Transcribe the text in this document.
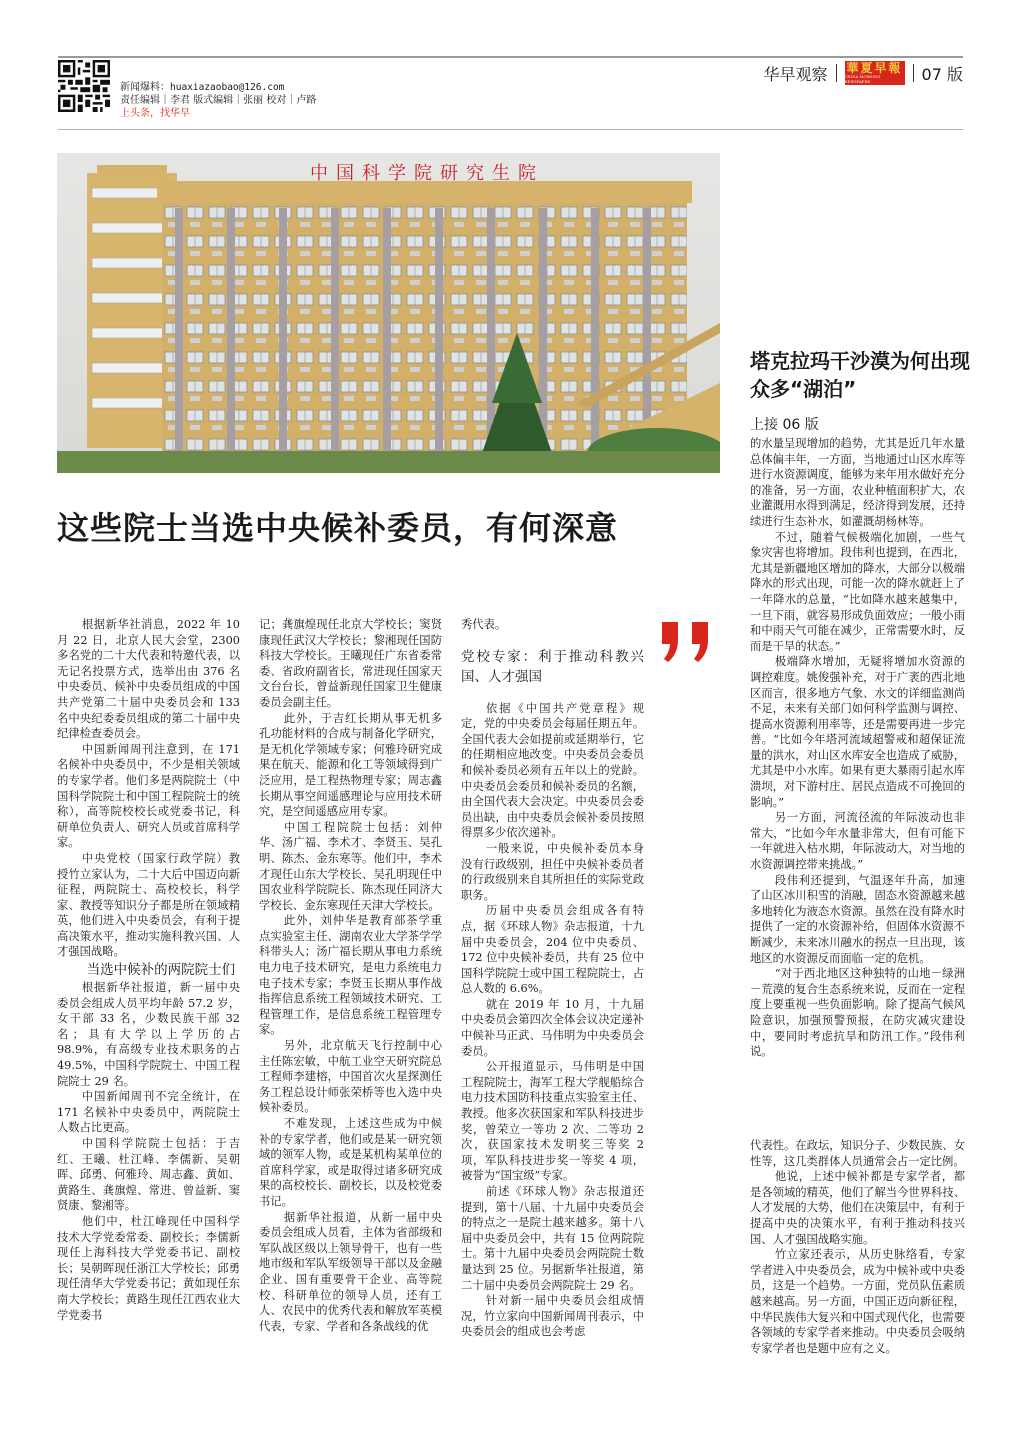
新闻爆料：huaxiazaobao@126.com
责任编辑｜李君 版式编辑｜张丽 校对｜卢路
上头条，找华早
华早观察 華夏早報
CHINA MORNING NEWSPAPER	07 版
中国科学院研究生院
塔克拉玛干沙漠为何出现众多“湖泊”
上接 06 版

的水量呈现增加的趋势，尤其是近几年水量总体偏丰年，一方面，当地通过山区水库等进行水资源调度，能够为来年用水做好充分的准备，另一方面，农业种植面积扩大，农业灌溉用水得到满足，经济得到发展，还持续进行生态补水，如灌溉胡杨林等。

不过，随着气候极端化加剧，一些气象灾害也将增加。段伟利也提到，在西北，尤其是新疆地区增加的降水，大部分以极端降水的形式出现，可能一次的降水就赶上了一年降水的总量，“比如降水越来越集中，一旦下雨，就容易形成负面效应；一般小雨和中雨天气可能在减少，正常需要水时，反而是干旱的状态。”

极端降水增加，无疑将增加水资源的调控难度。姚俊强补充，对于广袤的西北地区而言，很多地方气象、水文的详细监测尚不足，未来有关部门如何科学监测与调控、提高水资源利用率等，还是需要再进一步完善。“比如今年塔河流域超警戒和超保证流量的洪水，对山区水库安全也造成了威胁，尤其是中小水库。如果有更大暴雨引起水库溃坝，对下游村庄、居民点造成不可挽回的影响。”

另一方面，河流径流的年际波动也非常大，“比如今年水量非常大，但有可能下一年就进入枯水期，年际波动大，对当地的水资源调控带来挑战。”

段伟利还提到，气温逐年升高，加速了山区冰川积雪的消融，固态水资源越来越多地转化为液态水资源。虽然在没有降水时提供了一定的水资源补给，但固体水资源不断减少，未来冰川融水的拐点一旦出现，该地区的水资源反而面临一定的危机。

“对于西北地区这种独特的山地－绿洲－荒漠的复合生态系统来说，反而在一定程度上要重视一些负面影响。除了提高气候风险意识，加强预警预报，在防灾减灾建设中，要同时考虑抗旱和防汛工作。”段伟利说。

这些院士当选中央候补委员，有何深意

根据新华社消息，2022 年 10 月 22 日，北京人民大会堂，2300 多名党的二十大代表和特邀代表，以无记名投票方式，选举出由 376 名中央委员、候补中央委员组成的中国共产党第二十届中央委员会和 133 名中央纪委委员组成的第二十届中央纪律检查委员会。

中国新闻周刊注意到，在 171 名候补中央委员中，不少是相关领域的专家学者。他们多是两院院士（中国科学院院士和中国工程院院士的统称），高等院校校长或党委书记，科研单位负责人、研究人员或首席科学家。

中央党校（国家行政学院）教授竹立家认为，二十大后中国迈向新征程，两院院士、高校校长，科学家、教授等知识分子都是所在领域精英，他们进入中央委员会，有利于提高决策水平，推动实施科教兴国、人才强国战略。

当选中候补的两院院士们

根据新华社报道，新一届中央委员会组成人员平均年龄 57.2 岁，女干部 33 名，少数民族干部 32 名；具有大学以上学历的占 98.9%，有高级专业技术职务的占 49.5%，中国科学院院士、中国工程院院士 29 名。

中国新闻周刊不完全统计，在 171 名候补中央委员中，两院院士人数占比更高。

中国科学院院士包括：于吉红、王曦、杜江峰、李儒新、吴朝晖、邱勇、何雅玲、周志鑫、黄如、黄路生、龚旗煌、常进、曾益新、窦贤康、黎湘等。

他们中，杜江峰现任中国科学技术大学党委常委、副校长；李儒新现任上海科技大学党委书记、副校长；吴朝晖现任浙江大学校长；邱勇现任清华大学党委书记；黄如现任东南大学校长；黄路生现任江西农业大学党委书

记；龚旗煌现任北京大学校长；窦贤康现任武汉大学校长；黎湘现任国防科技大学校长。王曦现任广东省委常委、省政府副省长，常进现任国家天文台台长，曾益新现任国家卫生健康委员会副主任。

此外，于吉红长期从事无机多孔功能材料的合成与制备化学研究，是无机化学领域专家；何雅玲研究成果在航天、能源和化工等领域得到广泛应用，是工程热物理专家；周志鑫长期从事空间遥感理论与应用技术研究，是空间遥感应用专家。

中国工程院院士包括：刘仲华、汤广福、李术才、李贤玉、吴孔明、陈杰、金东寒等。他们中，李术才现任山东大学校长、吴孔明现任中国农业科学院院长、陈杰现任同济大学校长、金东寒现任天津大学校长。

此外，刘仲华是教育部茶学重点实验室主任、湖南农业大学茶学学科带头人；汤广福长期从事电力系统电力电子技术研究，是电力系统电力电子技术专家；李贤玉长期从事作战指挥信息系统工程领域技术研究、工程管理工作，是信息系统工程管理专家。

另外，北京航天飞行控制中心主任陈宏敏，中航工业空天研究院总工程师李建榕，中国首次火星探测任务工程总设计师张荣桥等也入选中央候补委员。

不难发现，上述这些成为中候补的专家学者，他们或是某一研究领域的领军人物，或是某机构某单位的首席科学家，或是取得过诸多研究成果的高校校长、副校长，以及校党委书记。

据新华社报道，从新一届中央委员会组成人员看，主体为省部级和军队战区级以上领导骨干，也有一些地市级和军队军级领导干部以及金融企业、国有重要骨干企业、高等院校、科研单位的领导人员，还有工人、农民中的优秀代表和解放军英模代表，专家、学者和各条战线的优

秀代表。

党校专家：利于推动科教兴国、人才强国

依据《中国共产党章程》规定，党的中央委员会每届任期五年。全国代表大会如提前或延期举行，它的任期相应地改变。中央委员会委员和候补委员必须有五年以上的党龄。中央委员会委员和候补委员的名额，由全国代表大会决定。中央委员会委员出缺，由中央委员会候补委员按照得票多少依次递补。

一般来说，中央候补委员本身没有行政级别，担任中央候补委员者的行政级别来自其所担任的实际党政职务。

历届中央委员会组成各有特点，据《环球人物》杂志报道，十九届中央委员会，204 位中央委员、172 位中央候补委员，共有 25 位中国科学院院士或中国工程院院士，占总人数的 6.6%。

就在 2019 年 10 月，十九届中央委员会第四次全体会议决定递补中候补马正武、马伟明为中央委员会委员。

公开报道显示，马伟明是中国工程院院士，海军工程大学舰船综合电力技术国防科技重点实验室主任、教授。他多次获国家和军队科技进步奖，曾荣立一等功 2 次、二等功 2 次，获国家技术发明奖三等奖 2 项，军队科技进步奖一等奖 4 项，被誉为“国宝级”专家。

前述《环球人物》杂志报道还提到，第十八届、十九届中央委员会的特点之一是院士越来越多。第十八届中央委员会中，共有 15 位两院院士。第十九届中央委员会两院院士数量达到 25 位。另据新华社报道，第二十届中央委员会两院院士 29 名。

针对新一届中央委员会组成情况，竹立家向中国新闻周刊表示，中央委员会的组成也会考虑

代表性。在政坛，知识分子、少数民族、女性等，这几类群体人员通常会占一定比例。

他说，上述中候补都是专家学者，都是各领域的精英，他们了解当今世界科技、人才发展的大势，他们在决策层中，有利于提高中央的决策水平，有利于推动科技兴国、人才强国战略实施。

竹立家还表示，从历史脉络看，专家学者进入中央委员会，成为中候补或中央委员，这是一个趋势。一方面，党员队伍素质越来越高。另一方面，中国正迈向新征程，中华民族伟大复兴和中国式现代化，也需要各领域的专家学者来推动。中央委员会吸纳专家学者也是题中应有之义。
